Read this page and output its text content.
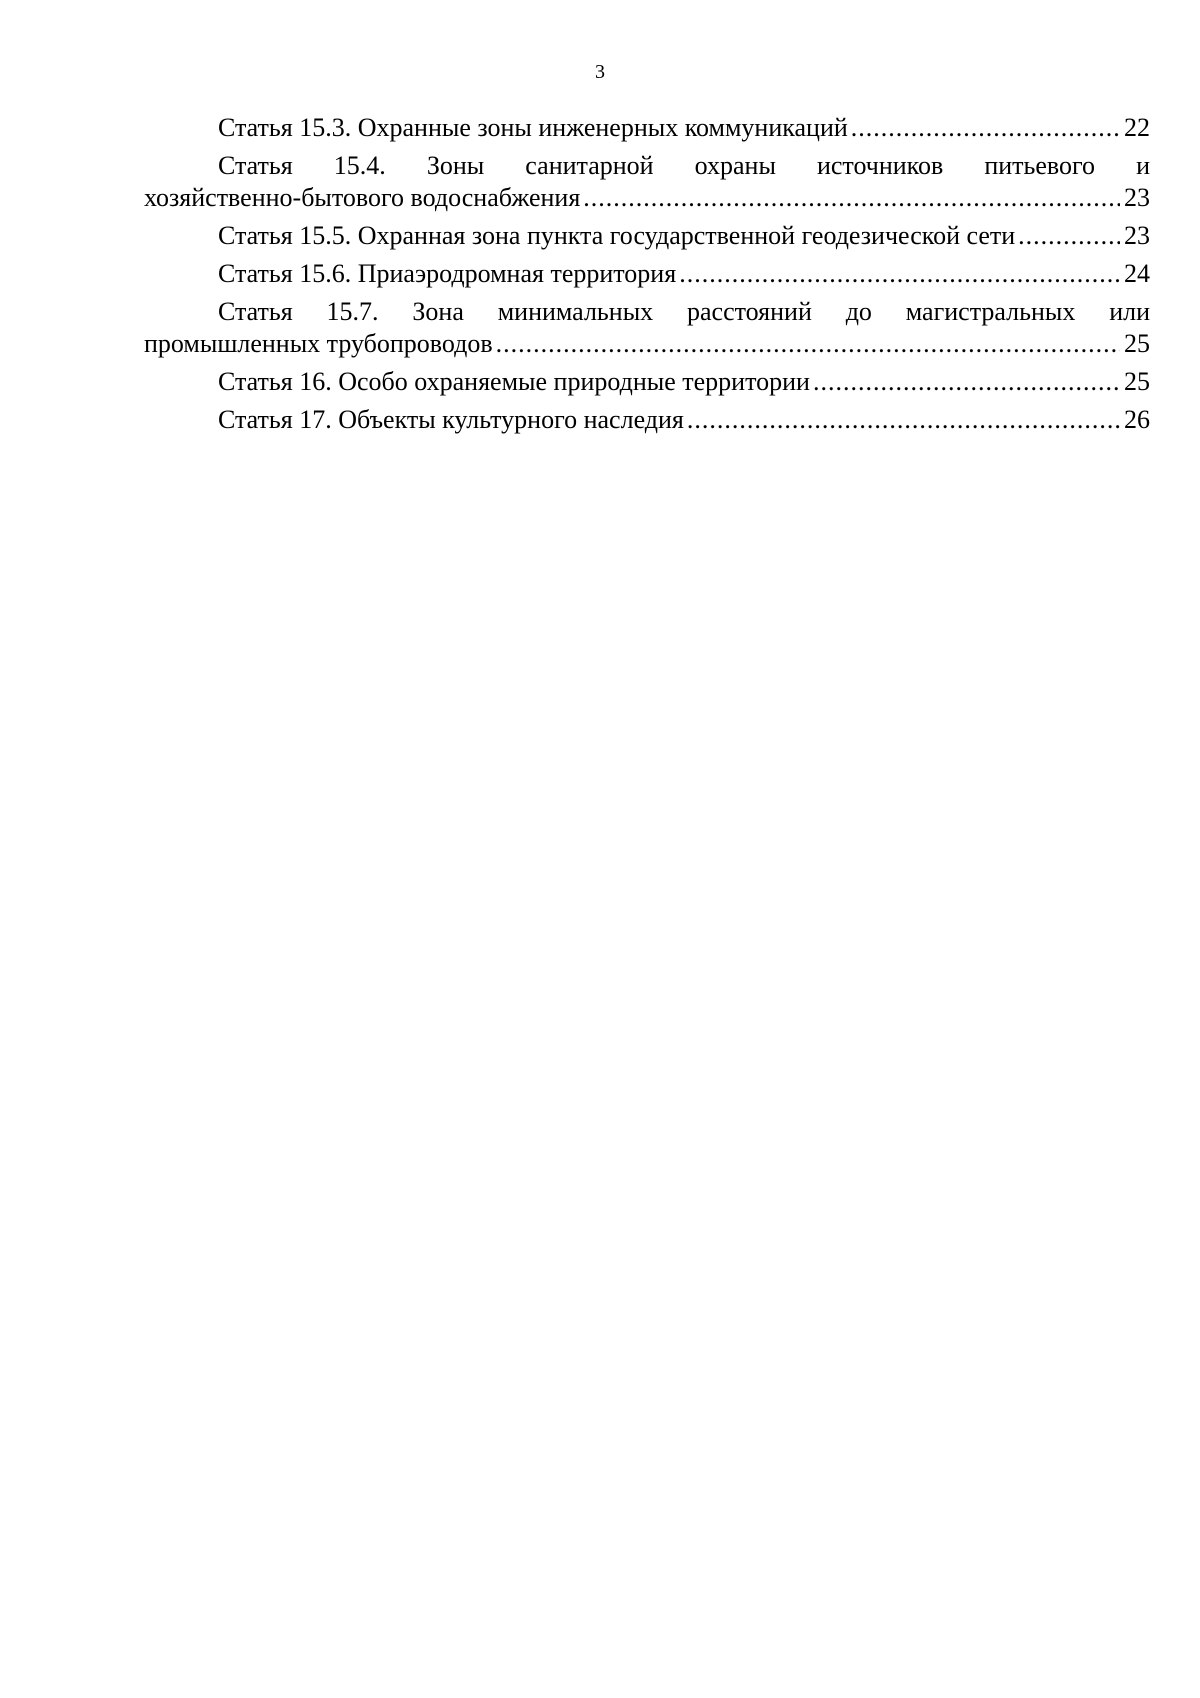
3
Статья 15.3. Охранные зоны инженерных коммуникаций .....	22
Статья 15.4. Зоны санитарной охраны источников питьевого и
хозяйственно-бытового водоснабжения .....	23
Статья 15.5. Охранная зона пункта государственной геодезической сети .....	23
Статья 15.6. Приаэродромная территория .....	24
Статья 15.7. Зона минимальных расстояний до магистральных или
промышленных трубопроводов .....	25
Статья 16. Особо охраняемые природные территории .....	25
Статья 17. Объекты культурного наследия .....	26
